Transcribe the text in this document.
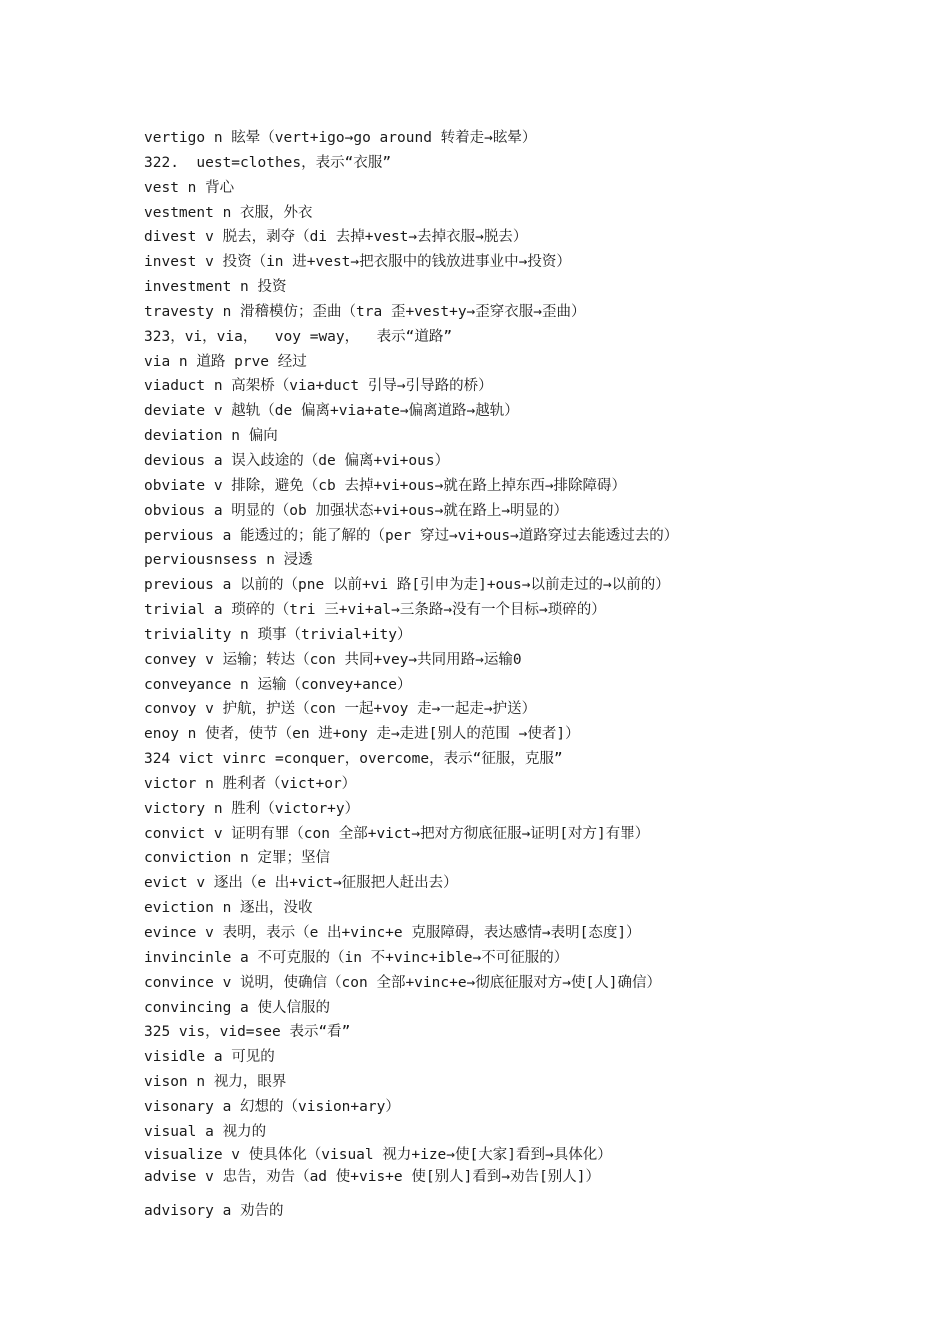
vertigo n 眩晕（vert+igo→go around 转着走→眩晕）
322.  uest=clothes，表示“衣服”
vest n 背心
vestment n 衣服，外衣
divest v 脱去，剥夺（di 去掉+vest→去掉衣服→脱去）
invest v 投资（in 进+vest→把衣服中的钱放进事业中→投资）
investment n 投资
travesty n 滑稽模仿；歪曲（tra 歪+vest+y→歪穿衣服→歪曲）
323，vi，via，  voy =way，  表示“道路”
via n 道路 prve 经过
viaduct n 高架桥（via+duct 引导→引导路的桥）
deviate v 越轨（de 偏离+via+ate→偏离道路→越轨）
deviation n 偏向
devious a 误入歧途的（de 偏离+vi+ous）
obviate v 排除，避免（cb 去掉+vi+ous→就在路上掉东西→排除障碍）
obvious a 明显的（ob 加强状态+vi+ous→就在路上→明显的）
pervious a 能透过的；能了解的（per 穿过→vi+ous→道路穿过去能透过去的）
perviousnsess n 浸透
previous a 以前的（pne 以前+vi 路[引申为走]+ous→以前走过的→以前的）
trivial a 琐碎的（tri 三+vi+al→三条路→没有一个目标→琐碎的）
triviality n 琐事（trivial+ity）
convey v 运输；转达（con 共同+vey→共同用路→运输0
conveyance n 运输（convey+ance）
convoy v 护航，护送（con 一起+voy 走→一起走→护送）
enoy n 使者，使节（en 进+ony 走→走进[别人的范围 →使者]）
324 vict vinrc =conquer，overcome，表示“征服，克服”
victor n 胜利者（vict+or）
victory n 胜利（victor+y）
convict v 证明有罪（con 全部+vict→把对方彻底征服→证明[对方]有罪）
conviction n 定罪；坚信
evict v 逐出（e 出+vict→征服把人赶出去）
eviction n 逐出，没收
evince v 表明，表示（e 出+vinc+e 克服障碍，表达感情→表明[态度]）
invincinle a 不可克服的（in 不+vinc+ible→不可征服的）
convince v 说明，使确信（con 全部+vinc+e→彻底征服对方→使[人]确信）
convincing a 使人信服的
325 vis，vid=see 表示“看”
visidle a 可见的
vison n 视力，眼界
visonary a 幻想的（vision+ary）
visual a 视力的
visualize v 使具体化（visual 视力+ize→使[大家]看到→具体化）
advise v 忠告，劝告（ad 使+vis+e 使[别人]看到→劝告[别人]）
advisory a 劝告的
